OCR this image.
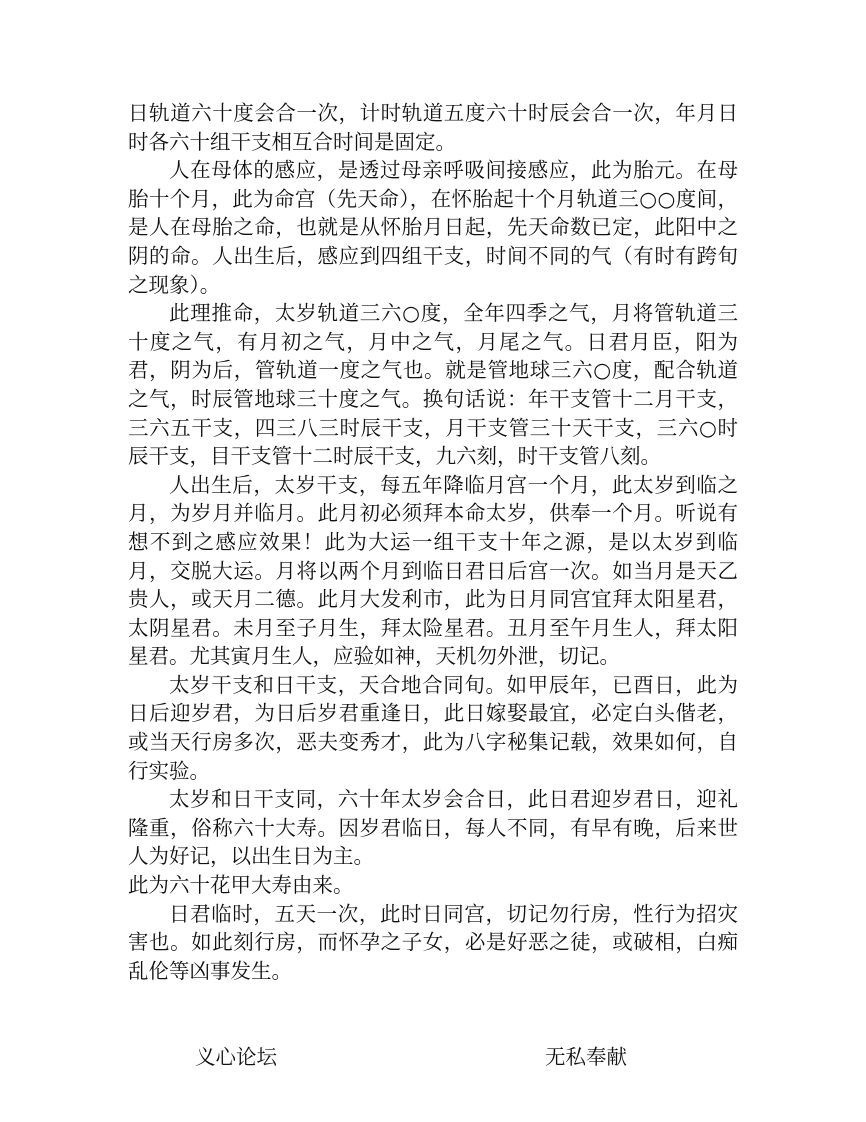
日轨道六十度会合一次，计时轨道五度六十时辰会合一次，年月日时各六十组干支相互合时间是固定。

人在母体的感应，是透过母亲呼吸间接感应，此为胎元。在母胎十个月，此为命宫（先天命），在怀胎起十个月轨道三○○度间，是人在母胎之命，也就是从怀胎月日起，先天命数已定，此阳中之阴的命。人出生后，感应到四组干支，时间不同的气（有时有跨旬之现象）。

此理推命，太岁轨道三六○度，全年四季之气，月将管轨道三十度之气，有月初之气，月中之气，月尾之气。日君月臣，阳为君，阴为后，管轨道一度之气也。就是管地球三六○度，配合轨道之气，时辰管地球三十度之气。换句话说：年干支管十二月干支，三六五干支，四三八三时辰干支，月干支管三十天干支，三六○时辰干支，目干支管十二时辰干支，九六刻，时干支管八刻。

人出生后，太岁干支，每五年降临月宫一个月，此太岁到临之月，为岁月并临月。此月初必须拜本命太岁，供奉一个月。听说有想不到之感应效果！此为大运一组干支十年之源，是以太岁到临月，交脱大运。月将以两个月到临日君日后宫一次。如当月是天乙贵人，或天月二德。此月大发利市，此为日月同宫宜拜太阳星君，太阴星君。未月至子月生，拜太险星君。丑月至午月生人，拜太阳星君。尤其寅月生人，应验如神，天机勿外泄，切记。

太岁干支和日干支，天合地合同旬。如甲辰年，已酉日，此为日后迎岁君，为日后岁君重逢日，此日嫁娶最宜，必定白头偕老，或当天行房多次，恶夫变秀才，此为八字秘集记载，效果如何，自行实验。

太岁和日干支同，六十年太岁会合日，此日君迎岁君日，迎礼隆重，俗称六十大寿。因岁君临日，每人不同，有早有晚，后来世人为好记，以出生日为主。

此为六十花甲大寿由来。

日君临时，五天一次，此时日同宫，切记勿行房，性行为招灾害也。如此刻行房，而怀孕之子女，必是好恶之徒，或破相，白痴乱伦等凶事发生。

义心论坛	无私奉献
